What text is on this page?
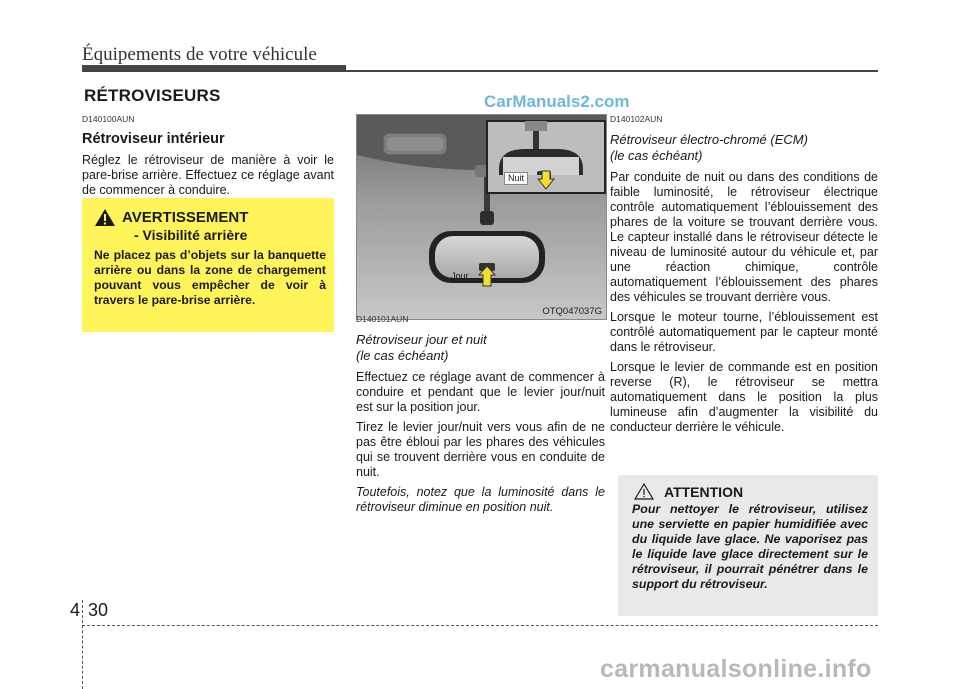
Équipements de votre véhicule
RÉTROVISEURS	CarManuals2.com
D140100AUN
Rétroviseur intérieur
Réglez le rétroviseur de manière à voir le pare-brise arrière. Effectuez ce réglage avant de commencer à conduire.
AVERTISSEMENT
- Visibilité arrière
Ne placez pas d’objets sur la banquette arrière ou dans la zone de chargement pouvant vous empêcher de voir à travers le pare-brise arrière.
Nuit
Jour
OTQ047037G
D140101AUN
Rétroviseur jour et nuit
(le cas échéant)
Effectuez ce réglage avant de commencer à conduire et pendant que le levier jour/nuit est sur la position jour.
Tirez le levier jour/nuit vers vous afin de ne pas être ébloui par les phares des véhicules qui se trouvent derrière vous en conduite de nuit.
Toutefois, notez que la luminosité dans le rétroviseur diminue en position nuit.
D140102AUN
Rétroviseur électro-chromé (ECM)
(le cas échéant)
Par conduite de nuit ou dans des conditions de faible luminosité, le rétroviseur électrique contrôle automatiquement l’éblouissement des phares de la voiture se trouvant derrière vous. Le capteur installé dans le rétroviseur détecte le niveau de luminosité autour du véhicule et, par une réaction chimique, contrôle automatiquement l’éblouissement des phares des véhicules se trouvant derrière vous.
Lorsque le moteur tourne, l’éblouissement est contrôlé automatiquement par le capteur monté dans le rétroviseur.
Lorsque le levier de commande est en position reverse (R), le rétroviseur se mettra automatiquement dans le position la plus lumineuse afin d’augmenter la visibilité du conducteur derrière le véhicule.
ATTENTION
Pour nettoyer le rétroviseur, utilisez une serviette en papier humidifiée avec du liquide lave glace. Ne vaporisez pas le liquide lave glace directement sur le rétroviseur, il pourrait pénétrer dans le support du rétroviseur.
4 30
carmanualsonline.info
